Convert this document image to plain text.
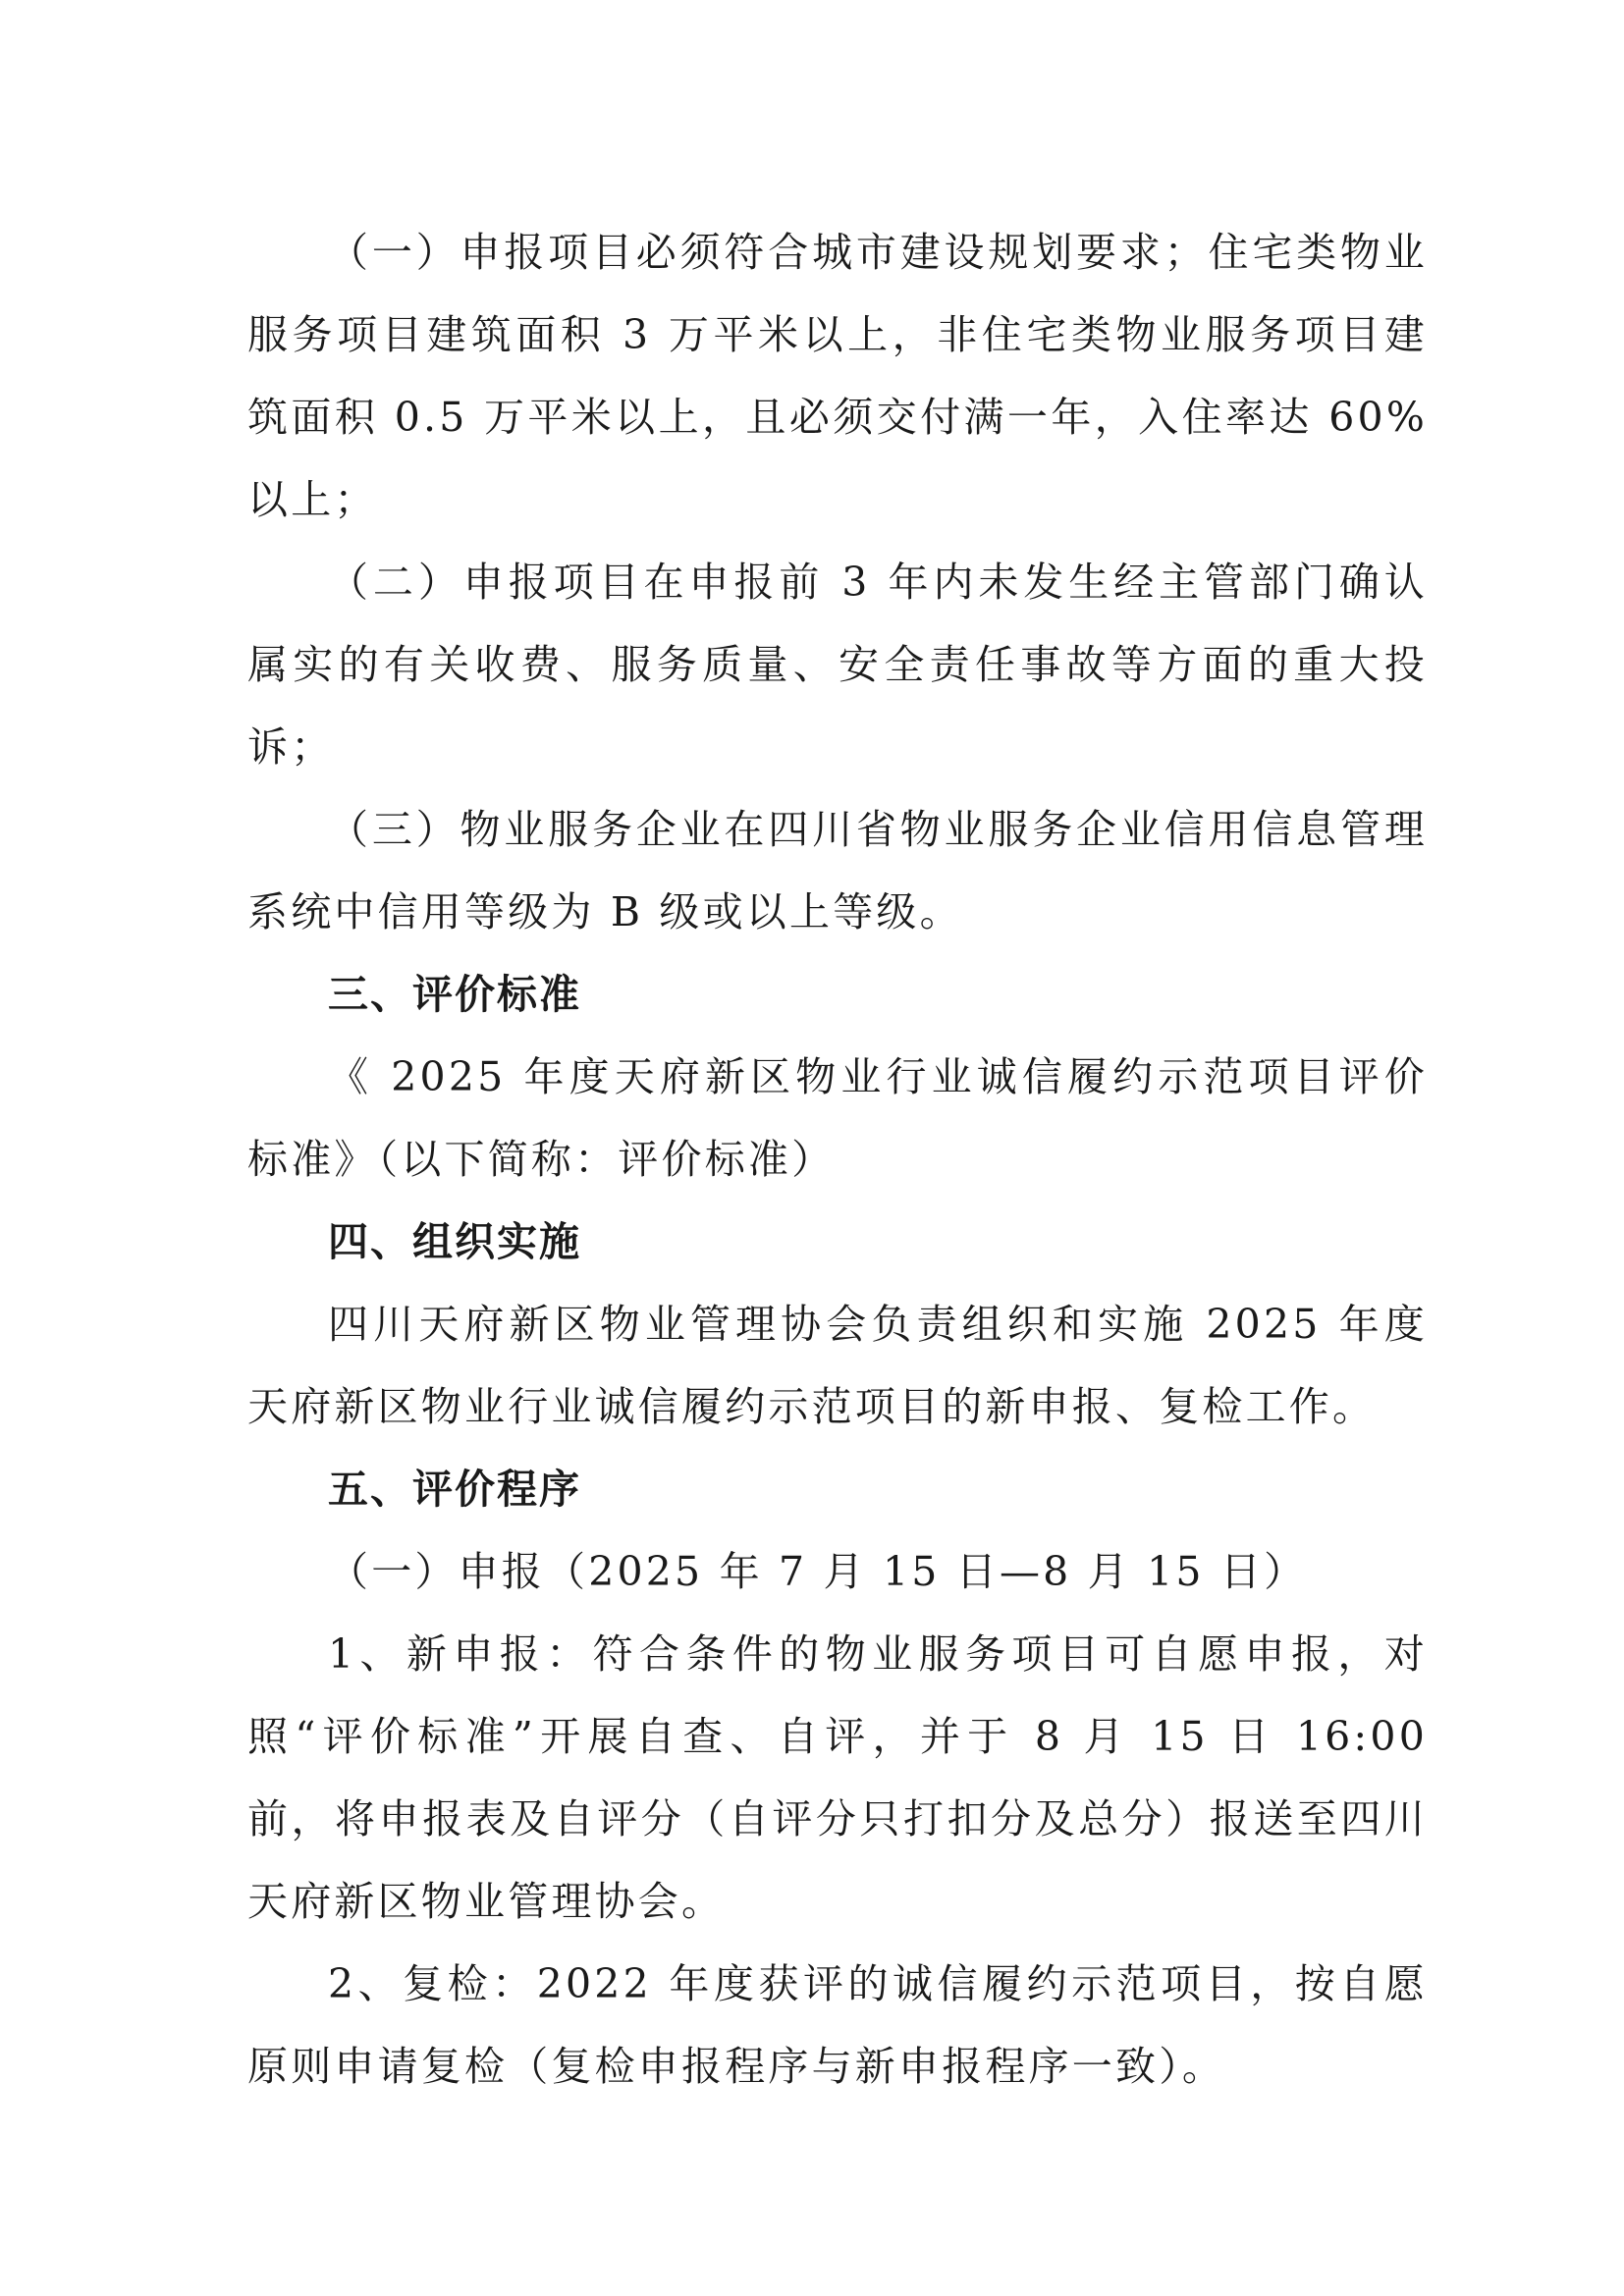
（一）申报项目必须符合城市建设规划要求；住宅类物业服务项目建筑面积 3 万平米以上，非住宅类物业服务项目建筑面积 0.5 万平米以上，且必须交付满一年，入住率达 60%以上；

（二）申报项目在申报前 3 年内未发生经主管部门确认属实的有关收费、服务质量、安全责任事故等方面的重大投诉；

（三）物业服务企业在四川省物业服务企业信用信息管理系统中信用等级为 B 级或以上等级。

三、评价标准

《 2025 年度天府新区物业行业诚信履约示范项目评价标准》（以下简称：评价标准）

四、组织实施

四川天府新区物业管理协会负责组织和实施 2025 年度天府新区物业行业诚信履约示范项目的新申报、复检工作。

五、评价程序

（一）申报（2025 年 7 月 15 日—8 月 15 日）

1、新申报：符合条件的物业服务项目可自愿申报，对照“评价标准”开展自查、自评，并于 8 月 15 日 16:00 前，将申报表及自评分（自评分只打扣分及总分）报送至四川天府新区物业管理协会。

2、复检：2022 年度获评的诚信履约示范项目，按自愿原则申请复检（复检申报程序与新申报程序一致）。
